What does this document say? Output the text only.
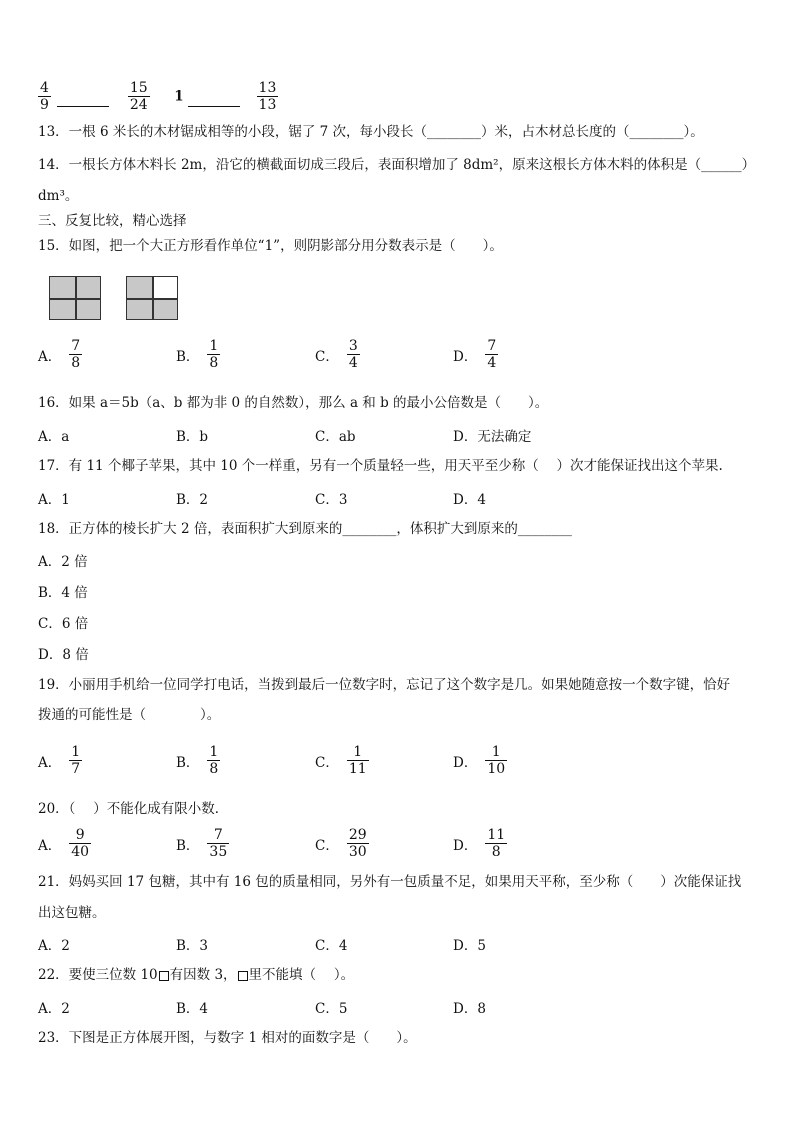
$\frac{4}{9}$
	$\frac{15}{24} 1$	$\frac{13}{13}$
13．一根 6 米长的木材锯成相等的小段，锯了 7 次，每小段长（________）米，占木材总长度的（________）。
14．一根长方体木料长 2m，沿它的横截面切成三段后，表面积增加了 8dm²，原来这根长方体木料的体积是（______）
dm³。
三、反复比较，精心选择
15．如图，把一个大正方形看作单位“1”，则阴影部分用分数表示是（　　）。
A． $\frac{7}{8}$	B． $\frac{1}{8}$	C． $\frac{3}{4}$	D． $\frac{7}{4}$
16．如果 a＝5b（a、b 都为非 0 的自然数），那么 a 和 b 的最小公倍数是（　　）。
A．a	B．b	C．ab	D．无法确定
17．有 11 个椰子苹果，其中 10 个一样重，另有一个质量轻一些，用天平至少称（　 ）次才能保证找出这个苹果.
A．1	B．2	C．3	D．4
18．正方体的棱长扩大 2 倍，表面积扩大到原来的________，体积扩大到原来的________
A．2 倍
B．4 倍
C．6 倍
D．8 倍
19．小丽用手机给一位同学打电话，当拨到最后一位数字时，忘记了这个数字是几。如果她随意按一个数字键，恰好
拨通的可能性是（　　　　）。
A． $\frac{1}{7}$	B． $\frac{1}{8}$	C． $\frac{1}{11}$	D． $\frac{1}{10}$
20．（　 ）不能化成有限小数．
A． $\frac{9}{40}$	B． $\frac{7}{35}$	C． $\frac{29}{30}$	D． $\frac{11}{8}$
21．妈妈买回 17 包糖，其中有 16 包的质量相同，另外有一包质量不足，如果用天平称，至少称（　　）次能保证找
出这包糖。
A．2	B．3	C．4	D．5
22．要使三位数 10 有因数 3， 里不能填（　 ）。
A．2	B．4	C．5	D．8
23．下图是正方体展开图，与数字 1 相对的面数字是（　　）。
